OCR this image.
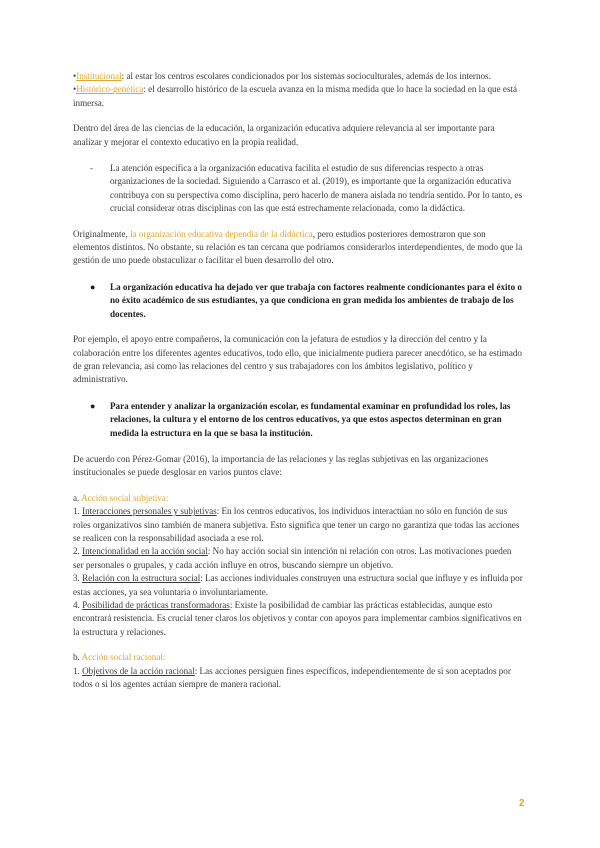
•Institucional: al estar los centros escolares condicionados por los sistemas socioculturales, además de los internos.

•Histórico-genética: el desarrollo histórico de la escuela avanza en la misma medida que lo hace la sociedad en la que está inmersa.

Dentro del área de las ciencias de la educación, la organización educativa adquiere relevancia al ser importante para analizar y mejorar el contexto educativo en la propia realidad.

- La atención específica a la organización educativa facilita el estudio de sus diferencias respecto a otras organizaciones de la sociedad. Siguiendo a Carrasco et al. (2019), es importante que la organización educativa contribuya con su perspectiva como disciplina, pero hacerlo de manera aislada no tendría sentido. Por lo tanto, es crucial considerar otras disciplinas con las que está estrechamente relacionada, como la didáctica.

Originalmente, la organización educativa dependía de la didáctica, pero estudios posteriores demostraron que son elementos distintos. No obstante, su relación es tan cercana que podríamos considerarlos interdependientes, de modo que la gestión de uno puede obstaculizar o facilitar el buen desarrollo del otro.

● La organización educativa ha dejado ver que trabaja con factores realmente condicionantes para el éxito o no éxito académico de sus estudiantes, ya que condiciona en gran medida los ambientes de trabajo de los docentes.

Por ejemplo, el apoyo entre compañeros, la comunicación con la jefatura de estudios y la dirección del centro y la colaboración entre los diferentes agentes educativos, todo ello, que inicialmente pudiera parecer anecdótico, se ha estimado de gran relevancia, así como las relaciones del centro y sus trabajadores con los ámbitos legislativo, político y administrativo.

● Para entender y analizar la organización escolar, es fundamental examinar en profundidad los roles, las relaciones, la cultura y el entorno de los centros educativos, ya que estos aspectos determinan en gran medida la estructura en la que se basa la institución.

De acuerdo con Pérez-Gomar (2016), la importancia de las relaciones y las reglas subjetivas en las organizaciones institucionales se puede desglosar en varios puntos clave:

a. Acción social subjetiva:

1. Interacciones personales y subjetivas: En los centros educativos, los individuos interactúan no sólo en función de sus roles organizativos sino también de manera subjetiva. Esto significa que tener un cargo no garantiza que todas las acciones se realicen con la responsabilidad asociada a ese rol.

2. Intencionalidad en la acción social: No hay acción social sin intención ni relación con otros. Las motivaciones pueden ser personales o grupales, y cada acción influye en otros, buscando siempre un objetivo.

3. Relación con la estructura social: Las acciones individuales construyen una estructura social que influye y es influida por estas acciones, ya sea voluntaria o involuntariamente.

4. Posibilidad de prácticas transformadoras: Existe la posibilidad de cambiar las prácticas establecidas, aunque esto encontrará resistencia. Es crucial tener claros los objetivos y contar con apoyos para implementar cambios significativos en la estructura y relaciones.

b. Acción social racional:

1. Objetivos de la acción racional: Las acciones persiguen fines específicos, independientemente de si son aceptados por todos o si los agentes actúan siempre de manera racional.

2
